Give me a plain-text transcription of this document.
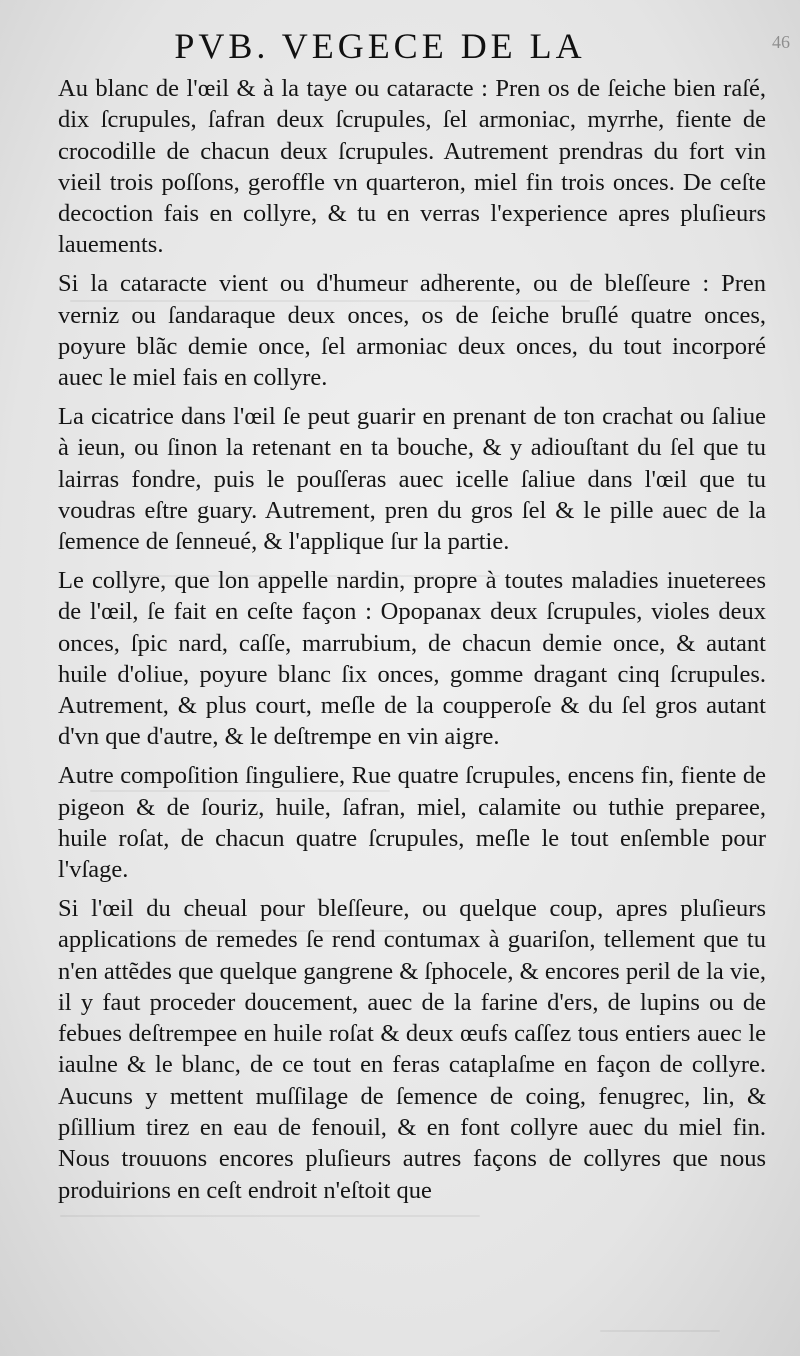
PVB. VEGECE DE LA	46

Au blanc de l'œil & à la taye ou cataracte : Pren os de ſeiche bien raſé, dix ſcrupules, ſafran deux ſcrupules, ſel armoniac, myrrhe, fiente de crocodille de chacun deux ſcrupules. Autrement prendras du fort vin vieil trois poſſons, geroffle vn quarteron, miel fin trois onces. De ceſte decoction fais en collyre, & tu en verras l'experience apres pluſieurs lauements.

Si la cataracte vient ou d'humeur adherente, ou de bleſſeure : Pren verniz ou ſandaraque deux onces, os de ſeiche bruſlé quatre onces, poyure blãc demie once, ſel armoniac deux onces, du tout incorporé auec le miel fais en collyre.

La cicatrice dans l'œil ſe peut guarir en prenant de ton crachat ou ſaliue à ieun, ou ſinon la retenant en ta bouche, & y adiouſtant du ſel que tu lairras fondre, puis le pouſſeras auec icelle ſaliue dans l'œil que tu voudras eſtre guary. Autrement, pren du gros ſel & le pille auec de la ſemence de ſenneué, & l'applique ſur la partie.

Le collyre, que lon appelle nardin, propre à toutes maladies inueterees de l'œil, ſe fait en ceſte façon : Opopanax deux ſcrupules, violes deux onces, ſpic nard, caſſe, marrubium, de chacun demie once, & autant huile d'oliue, poyure blanc ſix onces, gomme dragant cinq ſcrupules. Autrement, & plus court, meſle de la coupperoſe & du ſel gros autant d'vn que d'autre, & le deſtrempe en vin aigre.

Autre compoſition ſinguliere, Rue quatre ſcrupules, encens fin, fiente de pigeon & de ſouriz, huile, ſafran, miel, calamite ou tuthie preparee, huile roſat, de chacun quatre ſcrupules, meſle le tout enſemble pour l'vſage.

Si l'œil du cheual pour bleſſeure, ou quelque coup, apres pluſieurs applications de remedes ſe rend contumax à guariſon, tellement que tu n'en attẽdes que quelque gangrene & ſphocele, & encores peril de la vie, il y faut proceder doucement, auec de la farine d'ers, de lupins ou de febues deſtrempee en huile roſat & deux œufs caſſez tous entiers auec le iaulne & le blanc, de ce tout en feras cataplaſme en façon de collyre. Aucuns y mettent muſſilage de ſemence de coing, fenugrec, lin, & pſillium tirez en eau de fenouil, & en font collyre auec du miel fin. Nous trouuons encores pluſieurs autres façons de collyres que nous produirions en ceſt endroit n'eſtoit que
